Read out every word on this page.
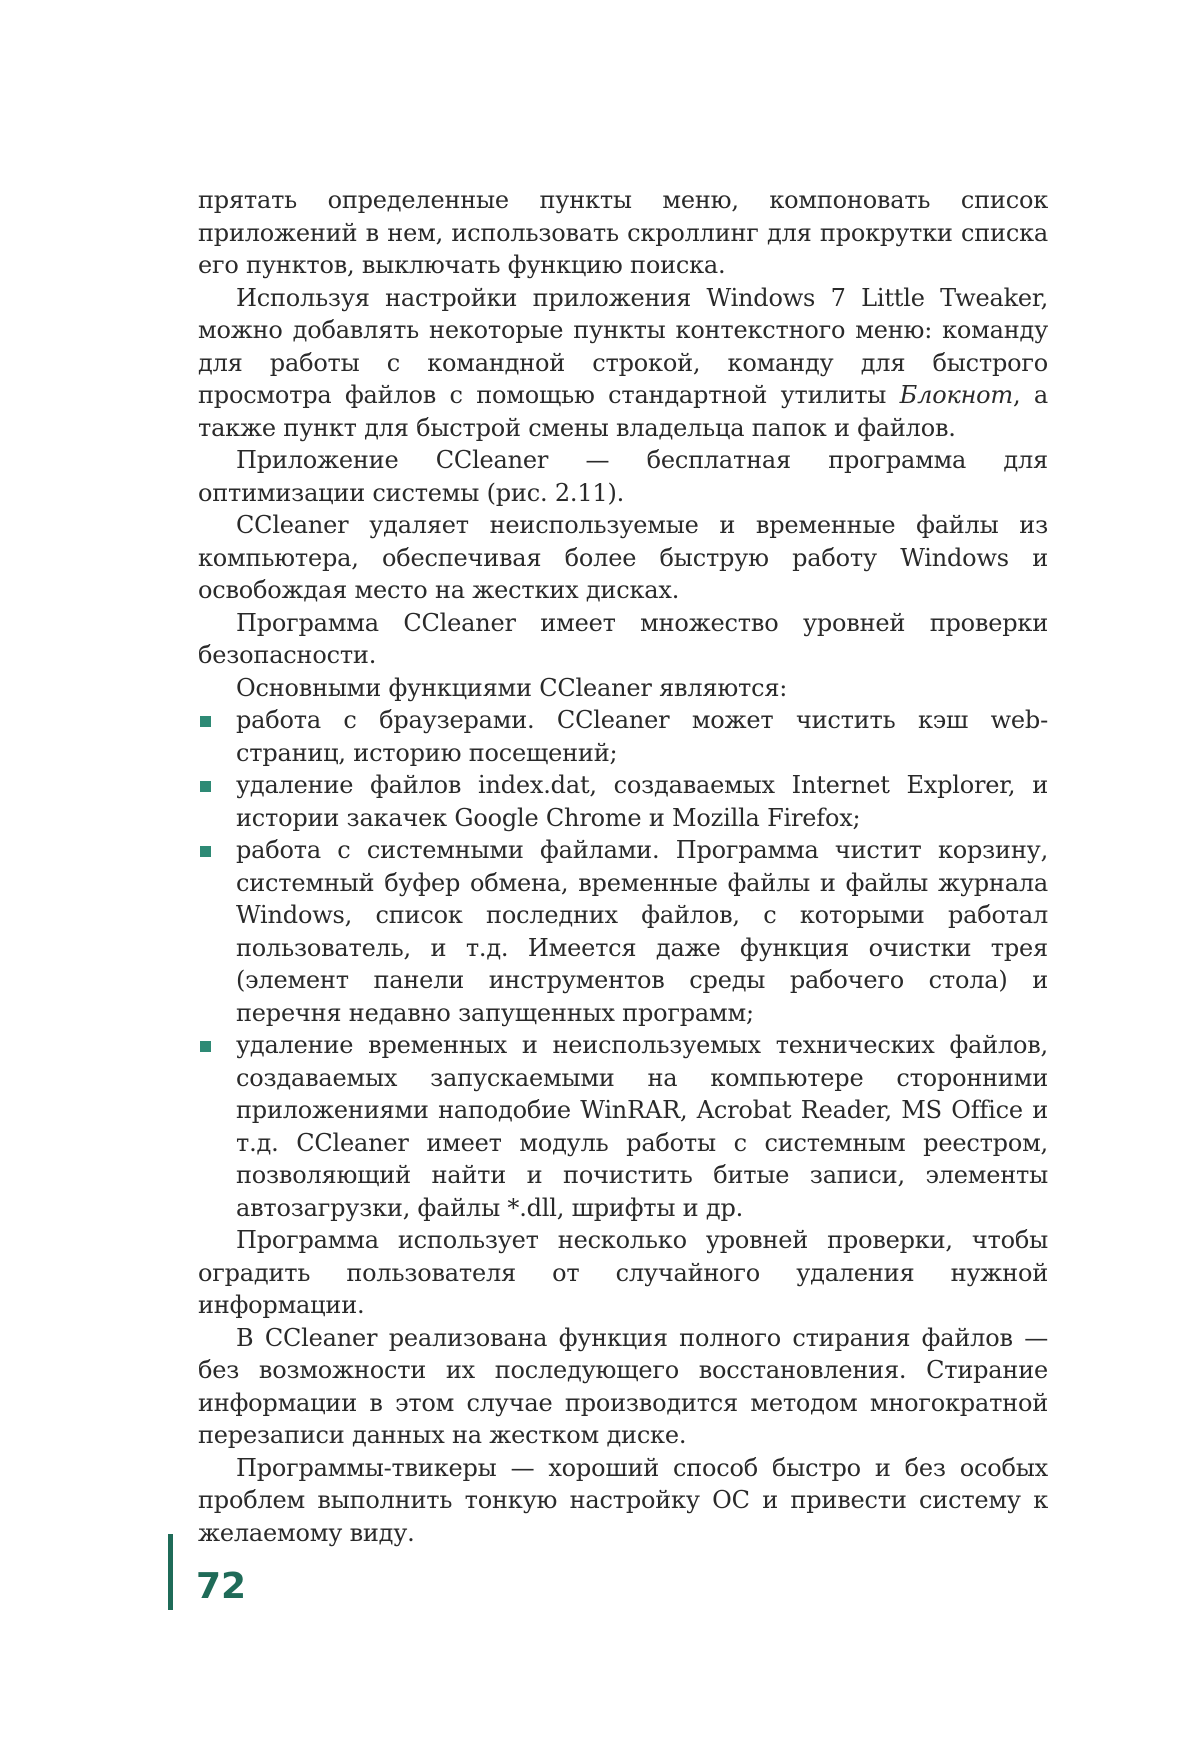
прятать определенные пункты меню, компоновать список приложений в нем, использовать скроллинг для прокрутки списка его пунктов, выключать функцию поиска.

Используя настройки приложения Windows 7 Little Tweaker, можно добавлять некоторые пункты контекстного меню: команду для работы с командной строкой, команду для быстрого просмотра файлов с помощью стандартной утилиты Блокнот, а также пункт для быстрой смены владельца папок и файлов.

Приложение CCleaner — бесплатная программа для оптимизации системы (рис. 2.11).

CCleaner удаляет неиспользуемые и временные файлы из компьютера, обеспечивая более быструю работу Windows и освобождая место на жестких дисках.

Программа CCleaner имеет множество уровней проверки безопасности.

Основными функциями CCleaner являются:

работа с браузерами. CCleaner может чистить кэш web-страниц, историю посещений;
удаление файлов index.dat, создаваемых Internet Explorer, и истории закачек Google Chrome и Mozilla Firefox;
работа с системными файлами. Программа чистит корзину, системный буфер обмена, временные файлы и файлы журнала Windows, список последних файлов, с которыми работал пользователь, и т.д. Имеется даже функция очистки трея (элемент панели инструментов среды рабочего стола) и перечня недавно запущенных программ;
удаление временных и неиспользуемых технических файлов, создаваемых запускаемыми на компьютере сторонними приложениями наподобие WinRAR, Acrobat Reader, MS Office и т.д. CCleaner имеет модуль работы с системным реестром, позволяющий найти и почистить битые записи, элементы автозагрузки, файлы *.dll, шрифты и др.

Программа использует несколько уровней проверки, чтобы оградить пользователя от случайного удаления нужной информации.

В CCleaner реализована функция полного стирания файлов — без возможности их последующего восстановления. Стирание информации в этом случае производится методом многократной перезаписи данных на жестком диске.

Программы-твикеры — хороший способ быстро и без особых проблем выполнить тонкую настройку ОС и привести систему к желаемому виду.

72
